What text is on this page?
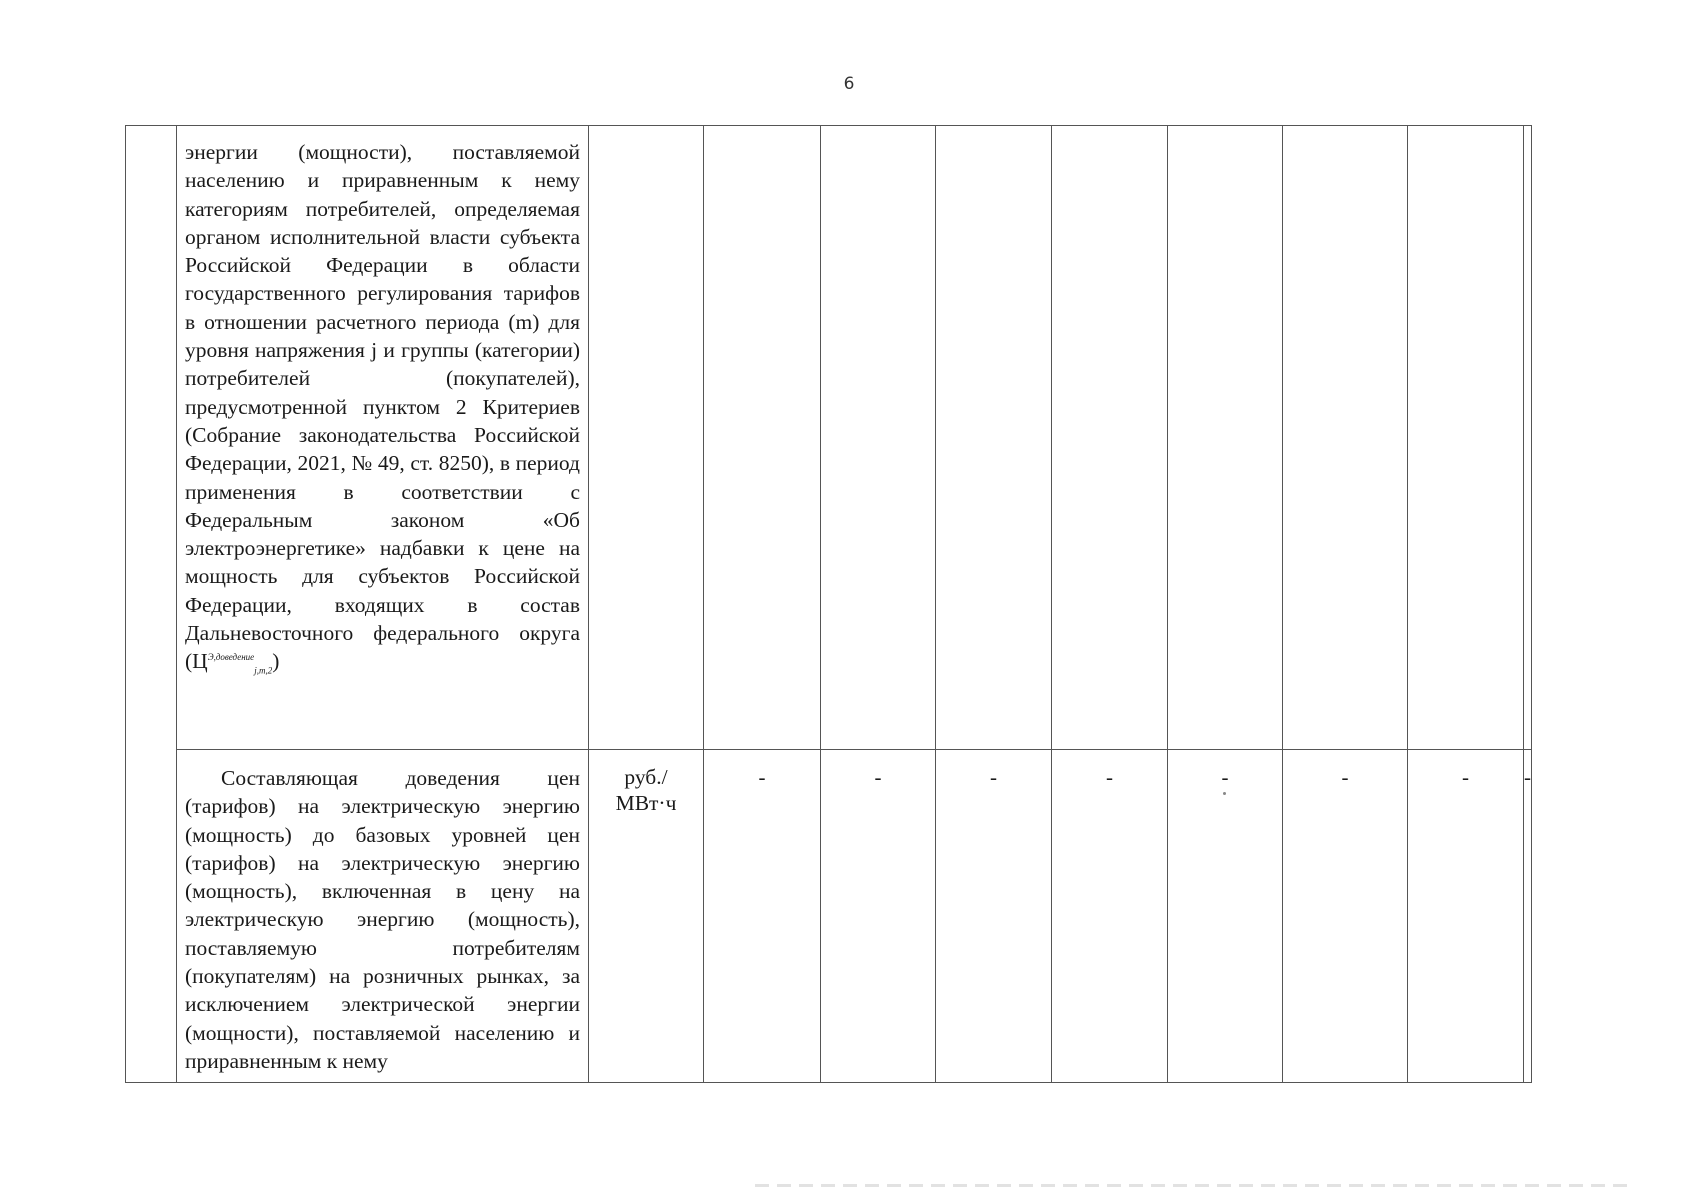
6

	энергии (мощности), поставляемой населению и приравненным к нему категориям потребителей, определяемая органом исполнительной власти субъекта Российской Федерации в области государственного регулирования тарифов в отношении расчетного периода (m) для уровня напряжения j и группы (категории) потребителей (покупателей), предусмотренной пунктом 2 Критериев (Собрание законодательства Российской Федерации, 2021, № 49, ст. 8250), в период применения в соответствии с Федеральным законом «Об электроэнергетике» надбавки к цене на мощность для субъектов Российской Федерации, входящих в состав Дальневосточного федерального округа $(Ц^{Э,доведение}_{j,m,2})$									

	Составляющая доведения цен (тарифов) на электрическую энергию (мощность) до базовых уровней цен (тарифов) на электрическую энергию (мощность), включенная в цену на электрическую энергию (мощность), поставляемую потребителям (покупателям) на розничных рынках, за исключением электрической энергии (мощности), поставляемой населению и приравненным к нему	руб./ МВт·ч	-	-	-	-	-	-	-	-
